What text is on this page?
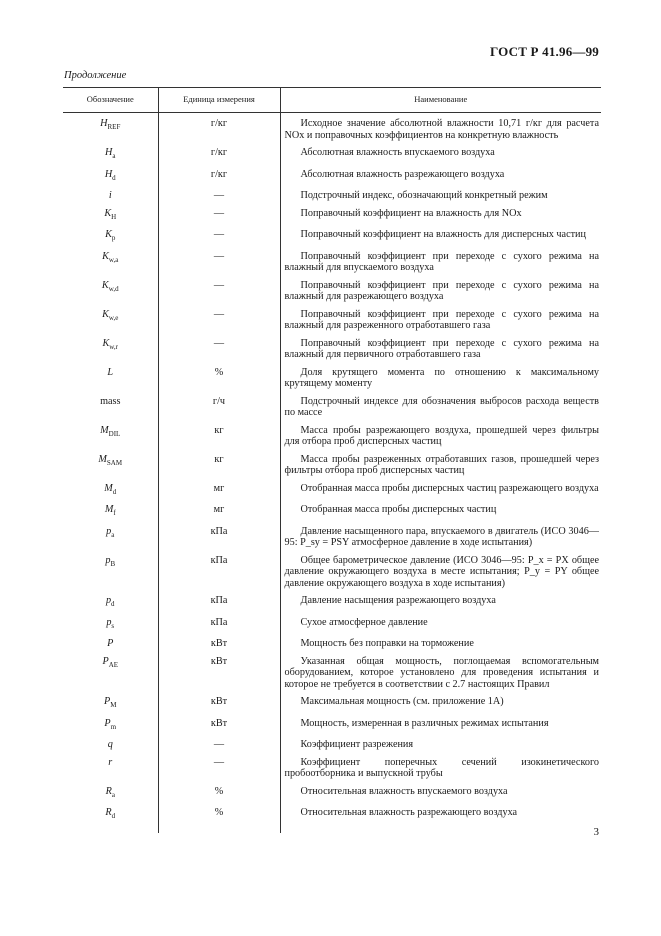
ГОСТ Р 41.96—99
Продолжение
Обозначение	Единица измерения	Наименование
$H_{REF}$	г/кг	Исходное значение абсолютной влажности 10,71 г/кг для расчета NOx и поправочных коэффициентов на конкретную влажность

$H_a$	г/кг	Абсолютная влажность впускаемого воздуха

$H_d$	г/кг	Абсолютная влажность разрежающего воздуха

i	—	Подстрочный индекс, обозначающий конкретный режим

$K_H$	—	Поправочный коэффициент на влажность для NOx

$K_p$	—	Поправочный коэффициент на влажность для дисперсных частиц

$K_{w,a}$	—	Поправочный коэффициент при переходе с сухого режима на влажный для впускаемого воздуха

$K_{w,d}$	—	Поправочный коэффициент при переходе с сухого режима на влажный для разрежающего воздуха

$K_{w,e}$	—	Поправочный коэффициент при переходе с сухого режима на влажный для разреженного отработавшего газа

$K_{w,r}$	—	Поправочный коэффициент при переходе с сухого режима на влажный для первичного отработавшего газа

L	%	Доля крутящего момента по отношению к максимальному крутящему моменту

mass	г/ч	Подстрочный индексе для обозначения выбросов расхода веществ по массе

$M_{DIL}$	кг	Масса пробы разрежающего воздуха, прошедшей через фильтры для отбора проб дисперсных частиц

$M_{SAM}$	кг	Масса пробы разреженных отработавших газов, прошедшей через фильтры отбора проб дисперсных частиц

$M_d$	мг	Отобранная масса пробы дисперсных частиц разрежающего воздуха

$M_f$	мг	Отобранная масса пробы дисперсных частиц

$p_a$	кПа	Давление насыщенного пара, впускаемого в двигатель (ИСО 3046—95: P_sy = PSY атмосферное давление в ходе испытания)

$p_B$	кПа	Общее барометрическое давление (ИСО 3046—95: P_x = PX общее давление окружающего воздуха в месте испытания; P_y = PY общее давление окружающего воздуха в ходе испытания)

$p_d$	кПа	Давление насыщения разрежающего воздуха

$p_s$	кПа	Сухое атмосферное давление

P	кВт	Мощность без поправки на торможение

$P_{AE}$	кВт	Указанная общая мощность, поглощаемая вспомогательным оборудованием, которое установлено для проведения испытания и которое не требуется в соответствии с 2.7 настоящих Правил

$P_M$	кВт	Максимальная мощность (см. приложение 1А)

$P_m$	кВт	Мощность, измеренная в различных режимах испытания

q	—	Коэффициент разрежения

r	—	Коэффициент поперечных сечений изокинетического пробоотборника и выпускной трубы

$R_a$	%	Относительная влажность впускаемого воздуха

$R_d$	%	Относительная влажность разрежающего воздуха
3
